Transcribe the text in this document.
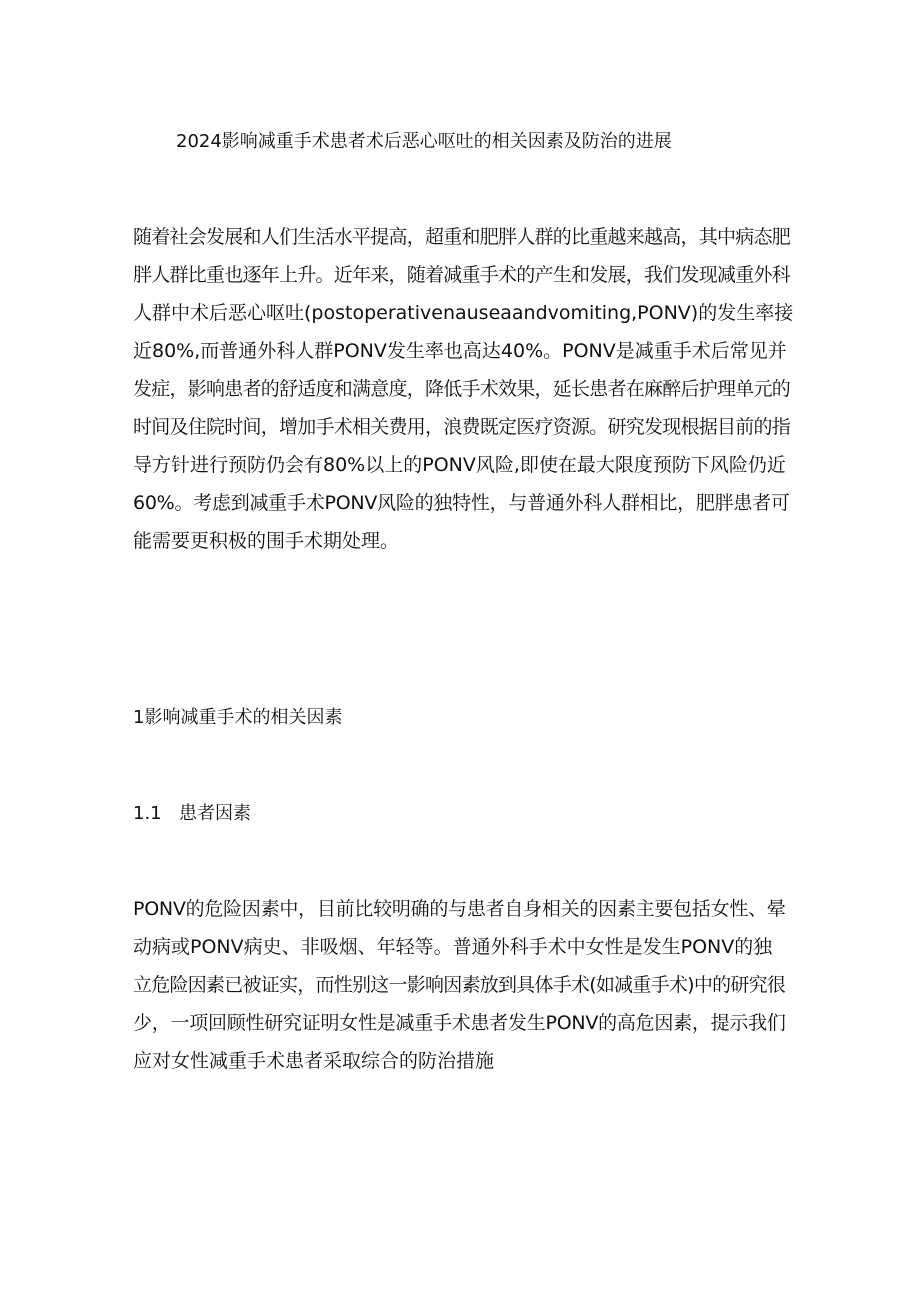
2024影响减重手术患者术后恶心呕吐的相关因素及防治的进展
随着社会发展和人们生活水平提高，超重和肥胖人群的比重越来越高，其中病态肥
胖人群比重也逐年上升。近年来，随着减重手术的产生和发展，我们发现减重外科
人群中术后恶心呕吐(postoperativenauseaandvomiting,PONV)的发生率接
近80%,而普通外科人群PONV发生率也高达40%。PONV是减重手术后常见并
发症，影响患者的舒适度和满意度，降低手术效果，延长患者在麻醉后护理单元的
时间及住院时间，增加手术相关费用，浪费既定医疗资源。研究发现根据目前的指
导方针进行预防仍会有80%以上的PONV风险,即使在最大限度预防下风险仍近
60%。考虑到减重手术PONV风险的独特性，与普通外科人群相比，肥胖患者可
能需要更积极的围手术期处理。
1影响减重手术的相关因素
1.1 患者因素
PONV的危险因素中，目前比较明确的与患者自身相关的因素主要包括女性、晕
动病或PONV病史、非吸烟、年轻等。普通外科手术中女性是发生PONV的独
立危险因素已被证实，而性别这一影响因素放到具体手术(如减重手术)中的研究很
少，一项回顾性研究证明女性是减重手术患者发生PONV的高危因素，提示我们
应对女性减重手术患者采取综合的防治措施
